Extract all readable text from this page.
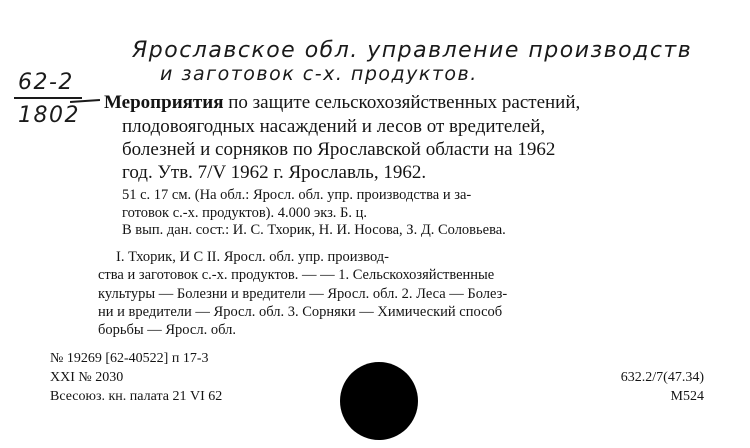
Ярославское обл. управление производств
и заготовок с-х. продуктов.
62-2
1802
Мероприятия по защите сельскохозяйственных растений,
плодовоягодных насаждений и лесов от вредителей,
болезней и сорняков по Ярославской области на 1962
год. Утв. 7/V 1962 г. Ярославль, 1962.
51 с. 17 см. (На обл.: Яросл. обл. упр. производства и за-
готовок с.-х. продуктов). 4.000 экз. Б. ц.
В вып. дан. сост.: И. С. Тхорик, Н. И. Носова, З. Д. Соловьева.
I. Тхорик, И С II. Яросл. обл. упр. производ-
ства и заготовок с.-х. продуктов. — — 1. Сельскохозяйственные
культуры — Болезни и вредители — Яросл. обл. 2. Леса — Болез-
ни и вредители — Яросл. обл. 3. Сорняки — Химический способ
борьбы — Яросл. обл.
№ 19269 [62-40522] п 17-3
XXI № 2030
Всесоюз. кн. палата 21 VI 62
632.2/7(47.34)
M524
